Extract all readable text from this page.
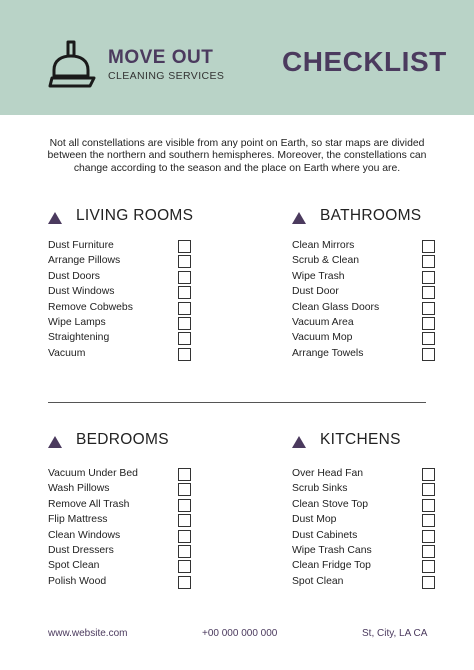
MOVE OUT
CLEANING SERVICES CHECKLIST

Not all constellations are visible from any point on Earth, so star maps are divided between the northern and southern hemispheres. Moreover, the constellations can change according to the season and the place on Earth where you are.

LIVING ROOMS
Dust Furniture
Arrange Pillows
Dust Doors
Dust Windows
Remove Cobwebs
Wipe Lamps
Straightening
Vacuum
BATHROOMS
Clean Mirrors
Scrub & Clean
Wipe Trash
Dust Door
Clean Glass Doors
Vacuum Area
Vacuum Mop
Arrange Towels
BEDROOMS
Vacuum Under Bed
Wash Pillows
Remove All Trash
Flip Mattress
Clean Windows
Dust Dressers
Spot Clean
Polish Wood
KITCHENS
Over Head Fan
Scrub Sinks
Clean Stove Top
Dust Mop
Dust Cabinets
Wipe Trash Cans
Clean Fridge Top
Spot Clean
www.website.com	+00 000 000 000	St, City, LA CA
